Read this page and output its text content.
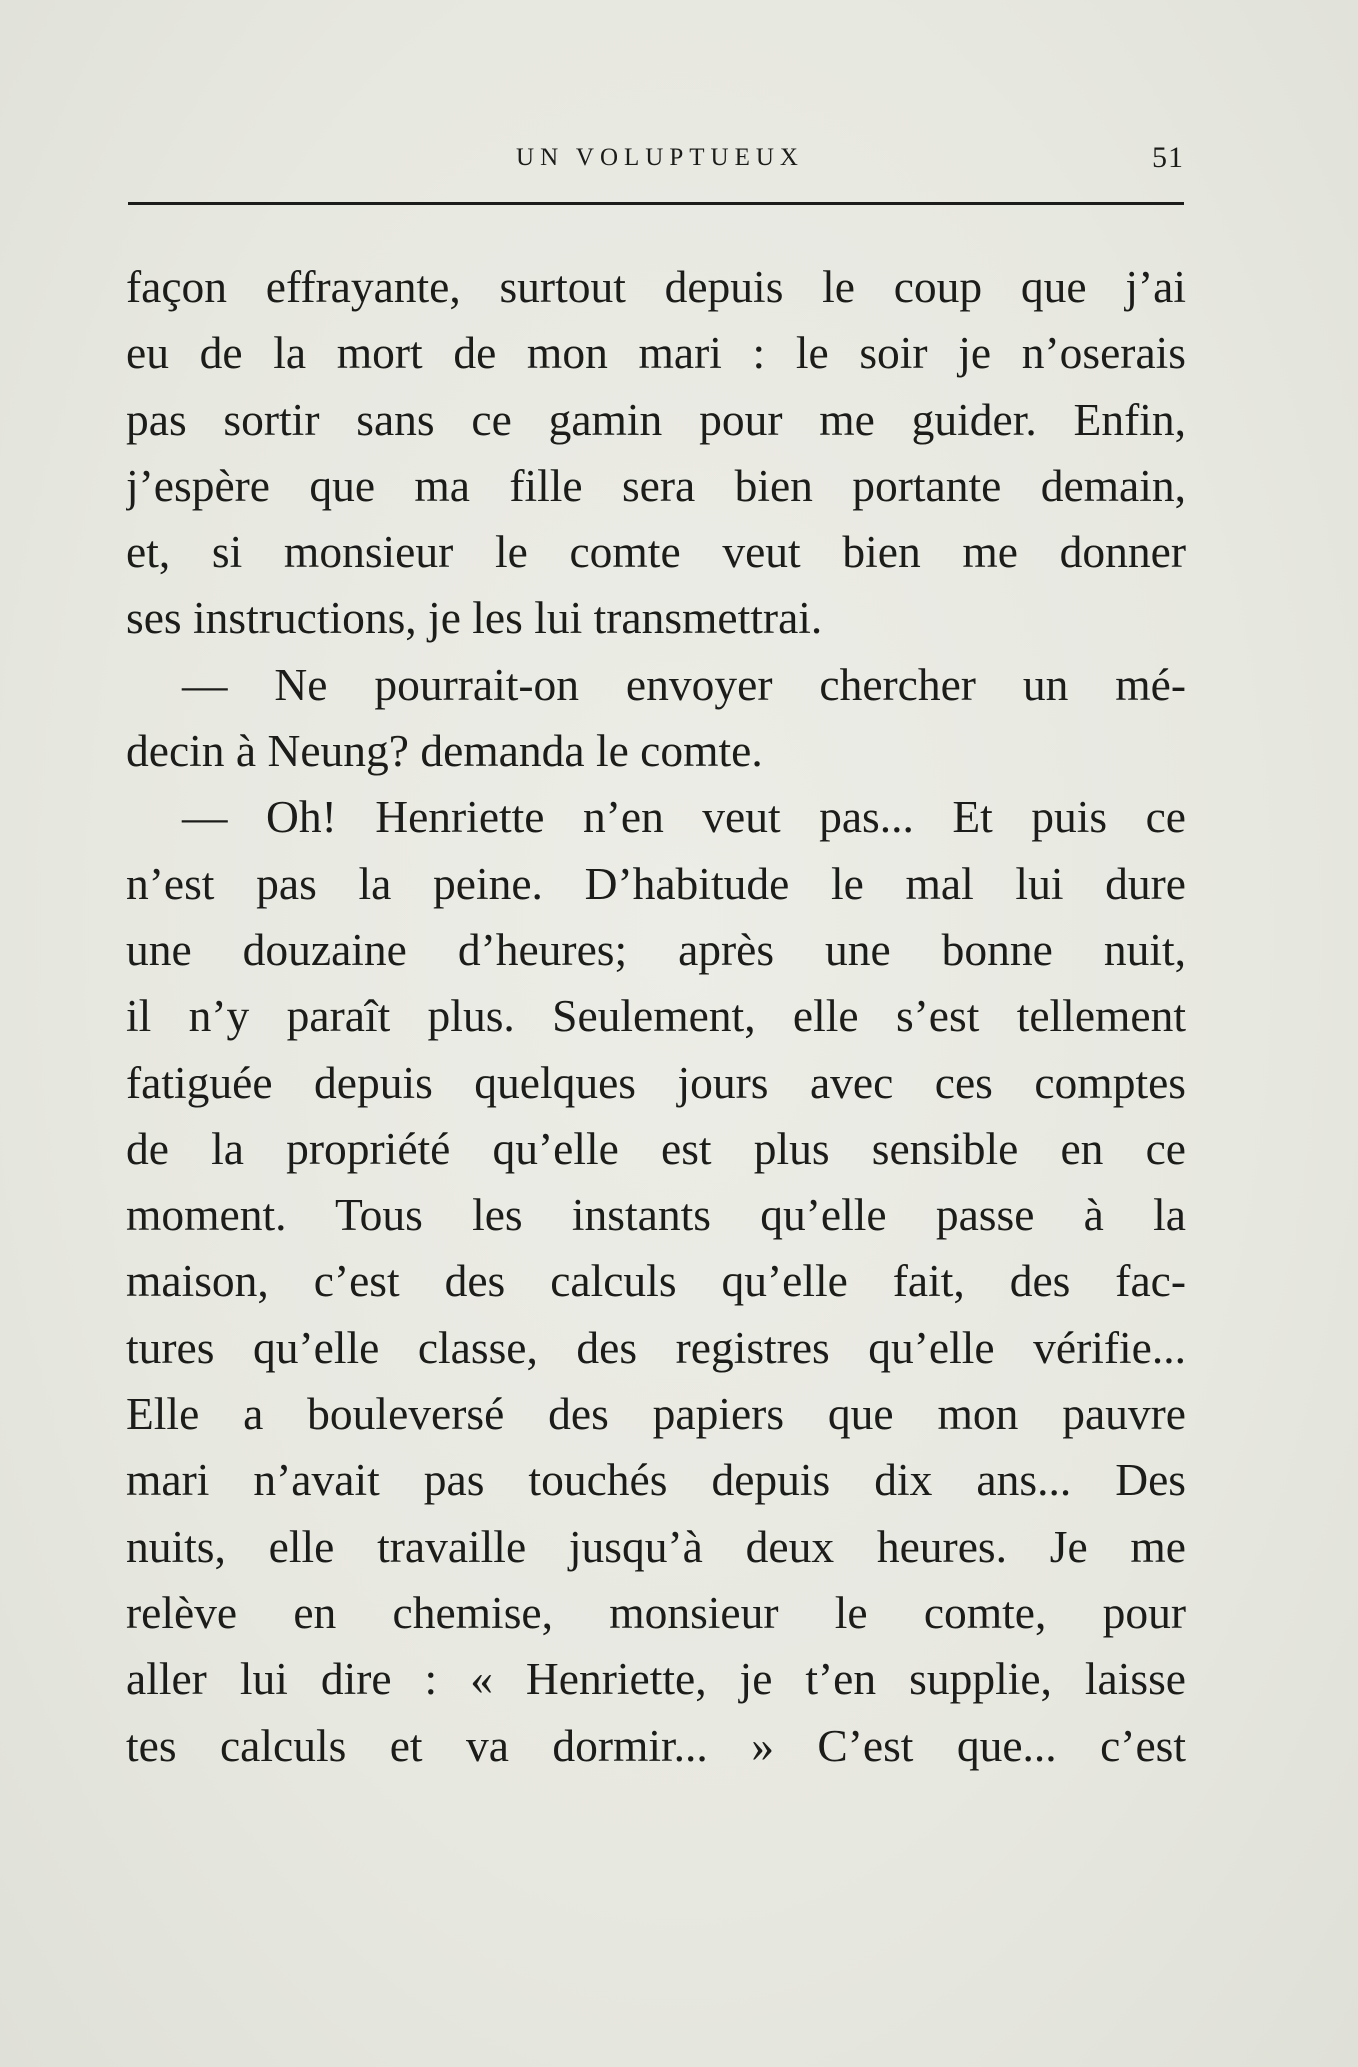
UN VOLUPTUEUX	51
façon effrayante, surtout depuis le coup que j’ai
eu de la mort de mon mari : le soir je n’oserais
pas sortir sans ce gamin pour me guider. Enfin,
j’espère que ma fille sera bien portante demain,
et, si monsieur le comte veut bien me donner
ses instructions, je les lui transmettrai.
— Ne pourrait-on envoyer chercher un mé-
decin à Neung? demanda le comte.
— Oh! Henriette n’en veut pas... Et puis ce
n’est pas la peine. D’habitude le mal lui dure
une douzaine d’heures; après une bonne nuit,
il n’y paraît plus. Seulement, elle s’est tellement
fatiguée depuis quelques jours avec ces comptes
de la propriété qu’elle est plus sensible en ce
moment. Tous les instants qu’elle passe à la
maison, c’est des calculs qu’elle fait, des fac-
tures qu’elle classe, des registres qu’elle vérifie...
Elle a bouleversé des papiers que mon pauvre
mari n’avait pas touchés depuis dix ans... Des
nuits, elle travaille jusqu’à deux heures. Je me
relève en chemise, monsieur le comte, pour
aller lui dire : « Henriette, je t’en supplie, laisse
tes calculs et va dormir... » C’est que... c’est
